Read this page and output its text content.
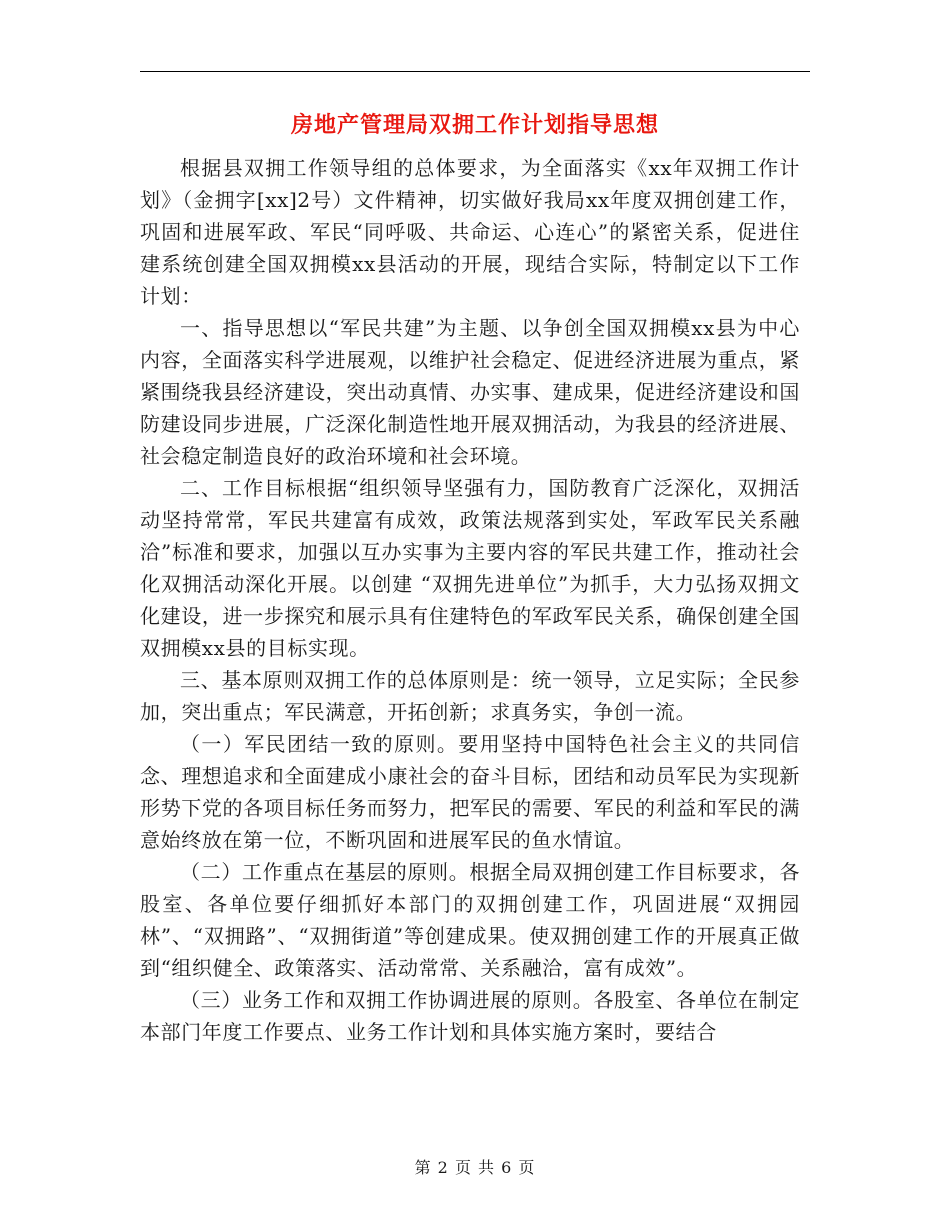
房地产管理局双拥工作计划指导思想

根据县双拥工作领导组的总体要求，为全面落实《xx年双拥工作计划》（金拥字[xx]2号）文件精神，切实做好我局xx年度双拥创建工作，巩固和进展军政、军民“同呼吸、共命运、心连心”的紧密关系，促进住建系统创建全国双拥模xx县活动的开展，现结合实际，特制定以下工作计划：

一、指导思想以“军民共建”为主题、以争创全国双拥模xx县为中心内容，全面落实科学进展观，以维护社会稳定、促进经济进展为重点，紧紧围绕我县经济建设，突出动真情、办实事、建成果，促进经济建设和国防建设同步进展，广泛深化制造性地开展双拥活动，为我县的经济进展、社会稳定制造良好的政治环境和社会环境。

二、工作目标根据“组织领导坚强有力，国防教育广泛深化，双拥活动坚持常常，军民共建富有成效，政策法规落到实处，军政军民关系融洽”标准和要求，加强以互办实事为主要内容的军民共建工作，推动社会化双拥活动深化开展。以创建 “双拥先进单位”为抓手，大力弘扬双拥文化建设，进一步探究和展示具有住建特色的军政军民关系，确保创建全国双拥模xx县的目标实现。

三、基本原则双拥工作的总体原则是：统一领导，立足实际；全民参加，突出重点；军民满意，开拓创新；求真务实，争创一流。

（一）军民团结一致的原则。要用坚持中国特色社会主义的共同信念、理想追求和全面建成小康社会的奋斗目标，团结和动员军民为实现新形势下党的各项目标任务而努力，把军民的需要、军民的利益和军民的满意始终放在第一位，不断巩固和进展军民的鱼水情谊。

（二）工作重点在基层的原则。根据全局双拥创建工作目标要求，各股室、各单位要仔细抓好本部门的双拥创建工作，巩固进展“双拥园林”、“双拥路”、“双拥街道”等创建成果。使双拥创建工作的开展真正做到“组织健全、政策落实、活动常常、关系融洽，富有成效”。

（三）业务工作和双拥工作协调进展的原则。各股室、各单位在制定本部门年度工作要点、业务工作计划和具体实施方案时，要结合

第 2 页 共 6 页
